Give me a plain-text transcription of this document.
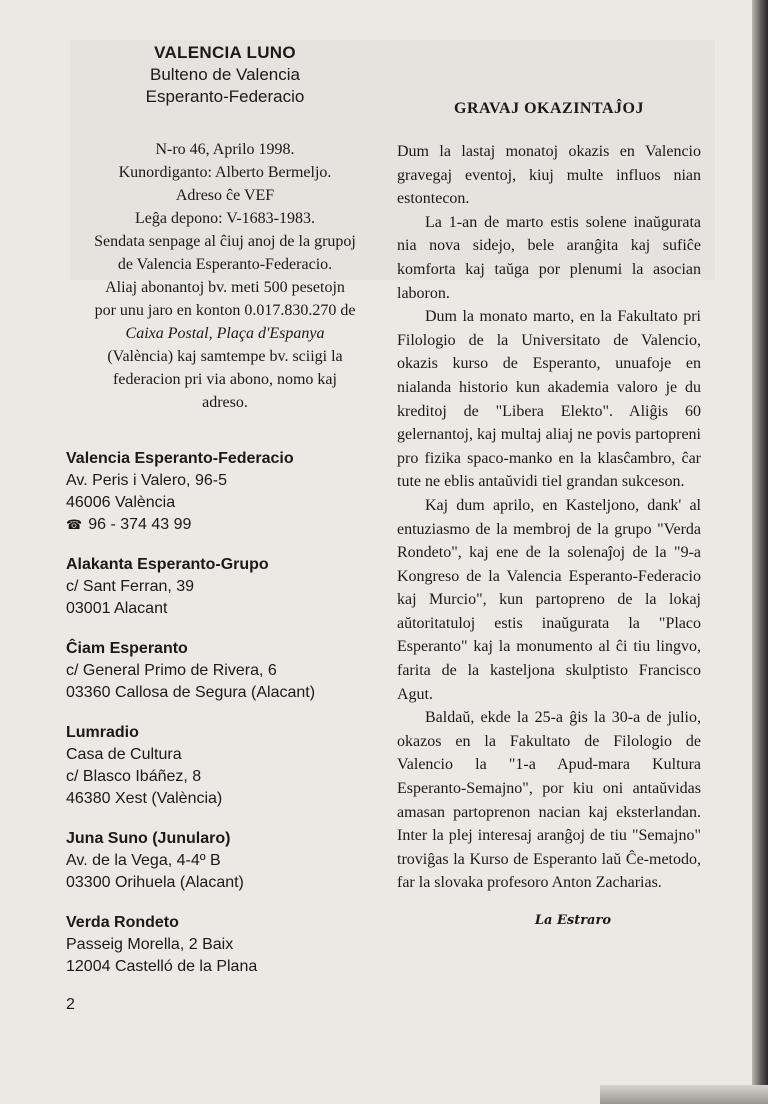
VALENCIA LUNO
Bulteno de Valencia
Esperanto-Federacio
N-ro 46, Aprilo 1998.
Kunordiganto: Alberto Bermeljo.
Adreso ĉe VEF
Leĝa depono: V-1683-1983.
Sendata senpage al ĉiuj anoj de la grupoj
de Valencia Esperanto-Federacio.
Aliaj abonantoj bv. meti 500 pesetojn
por unu jaro en konton 0.017.830.270 de
Caixa Postal, Plaça d'Espanya
(València) kaj samtempe bv. sciigi la
federacion pri via abono, nomo kaj
adreso.
Valencia Esperanto-Federacio
Av. Peris i Valero, 96-5
46006 València
☎ 96 - 374 43 99
Alakanta Esperanto-Grupo
c/ Sant Ferran, 39
03001 Alacant
Ĉiam Esperanto
c/ General Primo de Rivera, 6
03360 Callosa de Segura (Alacant)
Lumradio
Casa de Cultura
c/ Blasco Ibáñez, 8
46380 Xest (València)
Juna Suno (Junularo)
Av. de la Vega, 4-4º B
03300 Orihuela (Alacant)
Verda Rondeto
Passeig Morella, 2 Baix
12004 Castelló de la Plana
2
GRAVAJ OKAZINTAĴOJ

Dum la lastaj monatoj okazis en Valencio gravegaj eventoj, kiuj multe influos nian estontecon.

La 1-an de marto estis solene inaŭgurata nia nova sidejo, bele aranĝita kaj sufiĉe komforta kaj taŭga por plenumi la asocian laboron.

Dum la monato marto, en la Fakultato pri Filologio de la Universitato de Valencio, okazis kurso de Esperanto, unuafoje en nialanda historio kun akademia valoro je du kreditoj de "Libera Elekto". Aliĝis 60 gelernantoj, kaj multaj aliaj ne povis partopreni pro fizika spaco-manko en la klasĉambro, ĉar tute ne eblis antaŭvidi tiel grandan sukceson.

Kaj dum aprilo, en Kasteljono, dank' al entuziasmo de la membroj de la grupo "Verda Rondeto", kaj ene de la solenaĵoj de la "9-a Kongreso de la Valencia Esperanto-Federacio kaj Murcio", kun partopreno de la lokaj aŭtoritatuloj estis inaŭgurata la "Placo Esperanto" kaj la monumento al ĉi tiu lingvo, farita de la kasteljona skulptisto Francisco Agut.

Baldaŭ, ekde la 25-a ĝis la 30-a de julio, okazos en la Fakultato de Filologio de Valencio la "1-a Apud-mara Kultura Esperanto-Semajno", por kiu oni antaŭvidas amasan partoprenon nacian kaj eksterlandan. Inter la plej interesaj aranĝoj de tiu "Semajno" troviĝas la Kurso de Esperanto laŭ Ĉe-metodo, far la slovaka profesoro Anton Zacharias.

La Estraro
